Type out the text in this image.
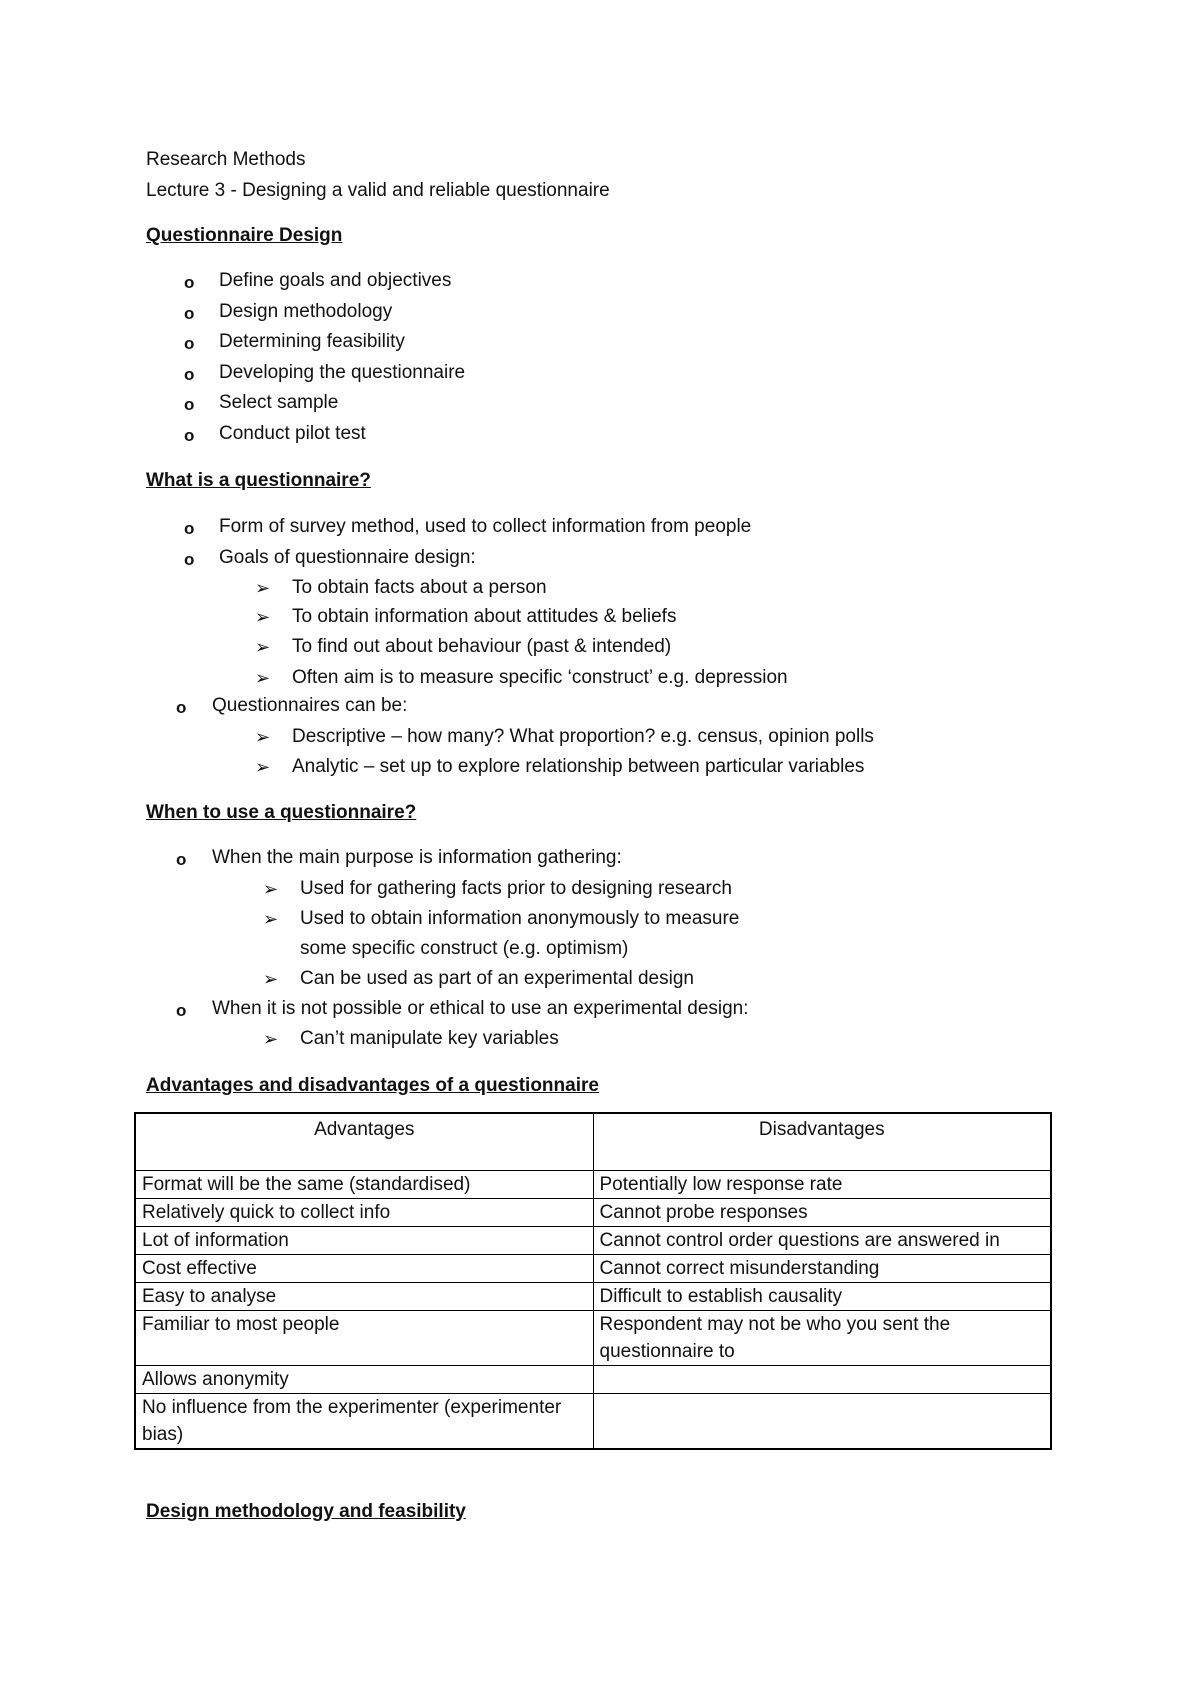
Research Methods
Lecture 3 - Designing a valid and reliable questionnaire
Questionnaire Design
o Define goals and objectives
o Design methodology
o Determining feasibility
o Developing the questionnaire
o Select sample
o Conduct pilot test
What is a questionnaire?
o Form of survey method, used to collect information from people
o Goals of questionnaire design:
➢ To obtain facts about a person
➢ To obtain information about attitudes & beliefs
➢ To find out about behaviour (past & intended)
➢ Often aim is to measure specific ‘construct’ e.g. depression
o Questionnaires can be:
➢ Descriptive – how many? What proportion? e.g. census, opinion polls
➢ Analytic – set up to explore relationship between particular variables
When to use a questionnaire?
o When the main purpose is information gathering:
➢ Used for gathering facts prior to designing research
➢ Used to obtain information anonymously to measure
some specific construct (e.g. optimism)
➢ Can be used as part of an experimental design
o When it is not possible or ethical to use an experimental design:
➢ Can’t manipulate key variables
Advantages and disadvantages of a questionnaire
Advantages	Disadvantages
Format will be the same (standardised)	Potentially low response rate
Relatively quick to collect info	Cannot probe responses
Lot of information	Cannot control order questions are answered in
Cost effective	Cannot correct misunderstanding
Easy to analyse	Difficult to establish causality
Familiar to most people	Respondent may not be who you sent the questionnaire to
Allows anonymity	
No influence from the experimenter (experimenter bias)	
Design methodology and feasibility
